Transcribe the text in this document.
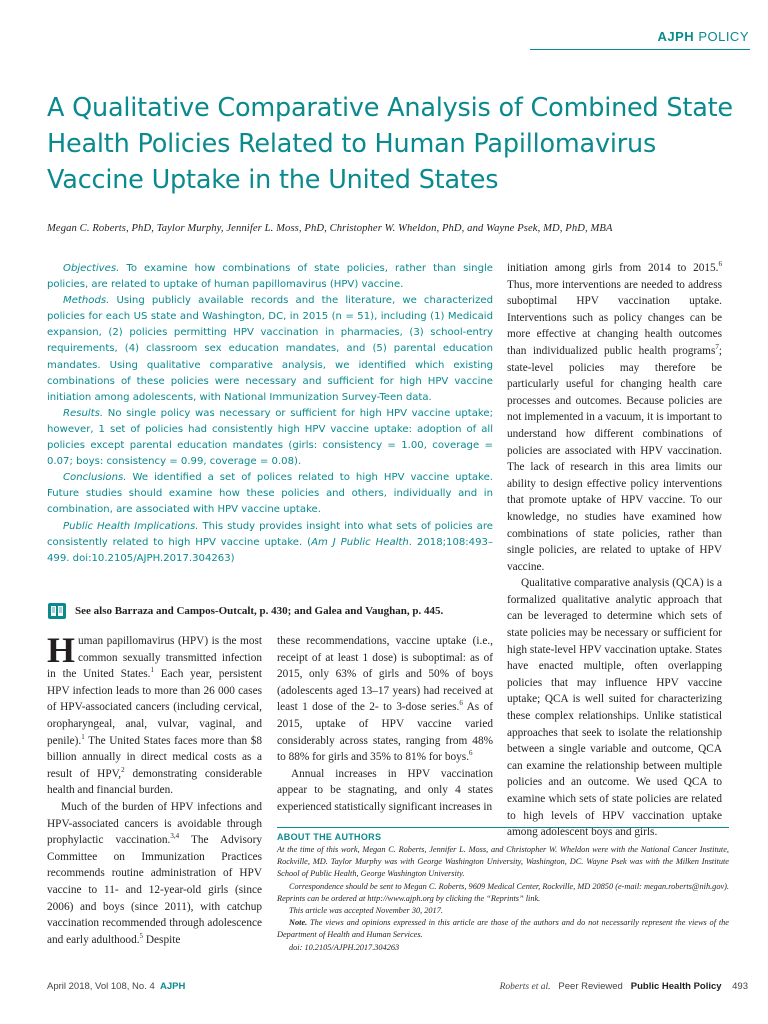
AJPH POLICY
A Qualitative Comparative Analysis of Combined State Health Policies Related to Human Papillomavirus Vaccine Uptake in the United States
Megan C. Roberts, PhD, Taylor Murphy, Jennifer L. Moss, PhD, Christopher W. Wheldon, PhD, and Wayne Psek, MD, PhD, MBA

Objectives. To examine how combinations of state policies, rather than single policies, are related to uptake of human papillomavirus (HPV) vaccine.

Methods. Using publicly available records and the literature, we characterized policies for each US state and Washington, DC, in 2015 (n = 51), including (1) Medicaid expansion, (2) policies permitting HPV vaccination in pharmacies, (3) school-entry requirements, (4) classroom sex education mandates, and (5) parental education mandates. Using qualitative comparative analysis, we identified which existing combinations of these policies were necessary and sufficient for high HPV vaccine initiation among adolescents, with National Immunization Survey-Teen data.

Results. No single policy was necessary or sufficient for high HPV vaccine uptake; however, 1 set of policies had consistently high HPV vaccine uptake: adoption of all policies except parental education mandates (girls: consistency = 1.00, coverage = 0.07; boys: consistency = 0.99, coverage = 0.08).

Conclusions. We identified a set of polices related to high HPV vaccine uptake. Future studies should examine how these policies and others, individually and in combination, are associated with HPV vaccine uptake.

Public Health Implications. This study provides insight into what sets of policies are consistently related to high HPV vaccine uptake. (Am J Public Health. 2018;108:493–499. doi:10.2105/AJPH.2017.304263)

See also Barraza and Campos-Outcalt, p. 430; and Galea and Vaughan, p. 445.

Human papillomavirus (HPV) is the most common sexually transmitted infection in the United States.$^1$ Each year, persistent HPV infection leads to more than 26 000 cases of HPV-associated cancers (including cervical, oropharyngeal, anal, vulvar, vaginal, and penile).$^1$ The United States faces more than $8 billion annually in direct medical costs as a result of HPV,$^2$ demonstrating considerable health and financial burden.

Much of the burden of HPV infections and HPV-associated cancers is avoidable through prophylactic vaccination.$^{3,4}$ The Advisory Committee on Immunization Practices recommends routine administration of HPV vaccine to 11- and 12-year-old girls (since 2006) and boys (since 2011), with catchup vaccination recommended through adolescence and early adulthood.$^5$ Despite

these recommendations, vaccine uptake (i.e., receipt of at least 1 dose) is suboptimal: as of 2015, only 63% of girls and 50% of boys (adolescents aged 13–17 years) had received at least 1 dose of the 2- to 3-dose series.$^6$ As of 2015, uptake of HPV vaccine varied considerably across states, ranging from 48% to 88% for girls and 35% to 81% for boys.$^6$

Annual increases in HPV vaccination appear to be stagnating, and only 4 states experienced statistically significant increases in

initiation among girls from 2014 to 2015.$^6$ Thus, more interventions are needed to address suboptimal HPV vaccination uptake. Interventions such as policy changes can be more effective at changing health outcomes than individualized public health programs$^7$; state-level policies may therefore be particularly useful for changing health care processes and outcomes. Because policies are not implemented in a vacuum, it is important to understand how different combinations of policies are associated with HPV vaccination. The lack of research in this area limits our ability to design effective policy interventions that promote uptake of HPV vaccine. To our knowledge, no studies have examined how combinations of state policies, rather than single policies, are related to uptake of HPV vaccine.

Qualitative comparative analysis (QCA) is a formalized qualitative analytic approach that can be leveraged to determine which sets of state policies may be necessary or sufficient for high state-level HPV vaccination uptake. States have enacted multiple, often overlapping policies that may influence HPV vaccine uptake; QCA is well suited for characterizing these complex relationships. Unlike statistical approaches that seek to isolate the relationship between a single variable and outcome, QCA can examine the relationship between multiple policies and an outcome. We used QCA to examine which sets of state policies are related to high levels of HPV vaccination uptake among adolescent boys and girls.

ABOUT THE AUTHORS

At the time of this work, Megan C. Roberts, Jennifer L. Moss, and Christopher W. Wheldon were with the National Cancer Institute, Rockville, MD. Taylor Murphy was with George Washington University, Washington, DC. Wayne Psek was with the Milken Institute School of Public Health, George Washington University.

Correspondence should be sent to Megan C. Roberts, 9609 Medical Center, Rockville, MD 20850 (e-mail: megan.roberts@nih.gov). Reprints can be ordered at http://www.ajph.org by clicking the “Reprints” link.

This article was accepted November 30, 2017.

Note. The views and opinions expressed in this article are those of the authors and do not necessarily represent the views of the Department of Health and Human Services.

doi: 10.2105/AJPH.2017.304263

April 2018, Vol 108, No. 4 AJPH	Roberts et al. Peer Reviewed Public Health Policy 493
